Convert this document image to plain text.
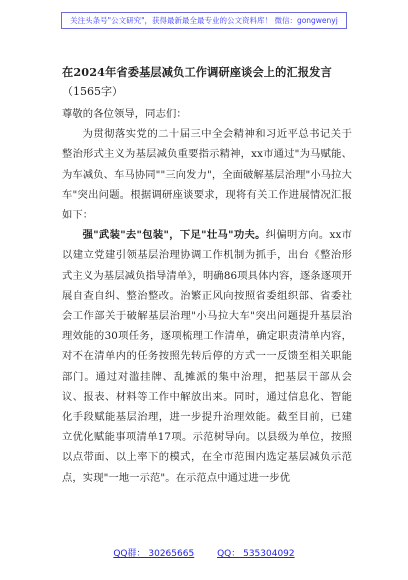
关注头条号"公文研究"，获得最新最全最专业的公文资料库！ 微信：gongwenyj

在2024年省委基层减负工作调研座谈会上的汇报发言

（1565字）

尊敬的各位领导，同志们：

为贯彻落实党的二十届三中全会精神和习近平总书记关于整治形式主义为基层减负重要指示精神，xx市通过"为马赋能、为车减负、车马协同""三向发力"，全面破解基层治理"小马拉大车"突出问题。根据调研座谈要求，现将有关工作进展情况汇报如下：

强"武装"去"包装"，下足"壮马"功夫。纠偏明方向。xx市以建立党建引领基层治理协调工作机制为抓手，出台《整治形式主义为基层减负指导清单》，明确86项具体内容，逐条逐项开展自查自纠、整治整改。治繁正风向按照省委组织部、省委社会工作部关于破解基层治理"小马拉大车"突出问题提升基层治理效能的30项任务，逐项梳理工作清单，确定职责清单内容，对不在清单内的任务按照先转后停的方式一一反馈至相关职能部门。通过对滥挂牌、乱摊派的集中治理，把基层干部从会议、报表、材料等工作中解放出来。同时，通过信息化、智能化手段赋能基层治理，进一步提升治理效能。截至目前，已建立优化赋能事项清单17项。示范树导向。以县级为单位，按照以点带面、以上率下的模式，在全市范围内选定基层减负示范点，实现"一地一示范"。在示范点中通过进一步优

QQ群： 30265665	QQ： 535304092
